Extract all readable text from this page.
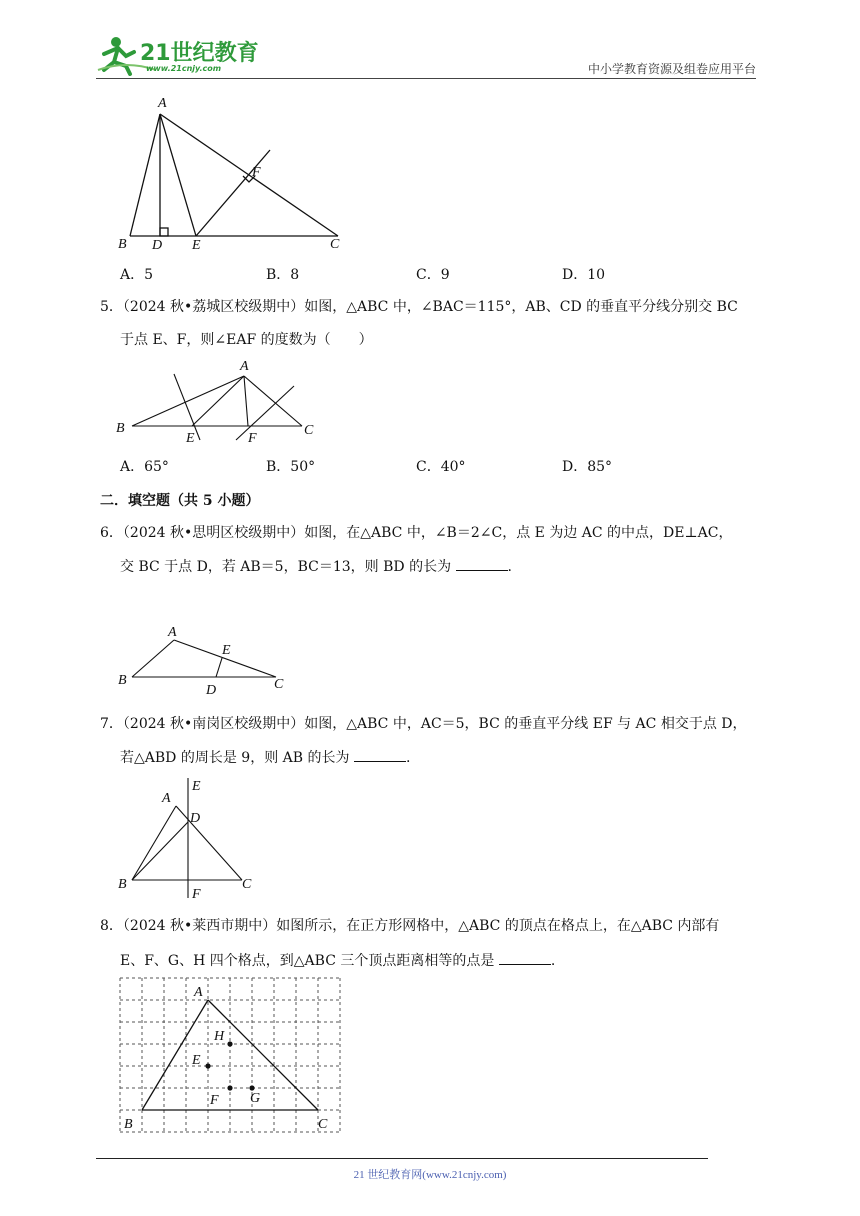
21世纪教育
www.21cnjy.com	中小学教育资源及组卷应用平台
A
B D E	C
F
A．5	B．8	C．9	D．10
5．（2024 秋•荔城区校级期中）如图，△ABC 中，∠BAC＝115°，AB、CD 的垂直平分线分别交 BC
于点 E、F，则∠EAF 的度数为（　　）
A
B
E	F
C
A．65°	B．50°	C．40°	D．85°
二．填空题（共 5 小题）
6．（2024 秋•思明区校级期中）如图，在△ABC 中，∠B＝2∠C，点 E 为边 AC 的中点，DE⊥AC，
交 BC 于点 D，若 AB＝5，BC＝13，则 BD 的长为	.
A
B
E
D	C
7．（2024 秋•南岗区校级期中）如图，△ABC 中，AC＝5，BC 的垂直平分线 EF 与 AC 相交于点 D，
若△ABD 的周长是 9，则 AB 的长为	.
A
E
D
B	C
F
8．（2024 秋•莱西市期中）如图所示，在正方形网格中，△ABC 的顶点在格点上，在△ABC 内部有
E、F、G、H 四个格点，到△ABC 三个顶点距离相等的点是	.
A
H
E
F G
B	C
21 世纪教育网(www.21cnjy.com)
